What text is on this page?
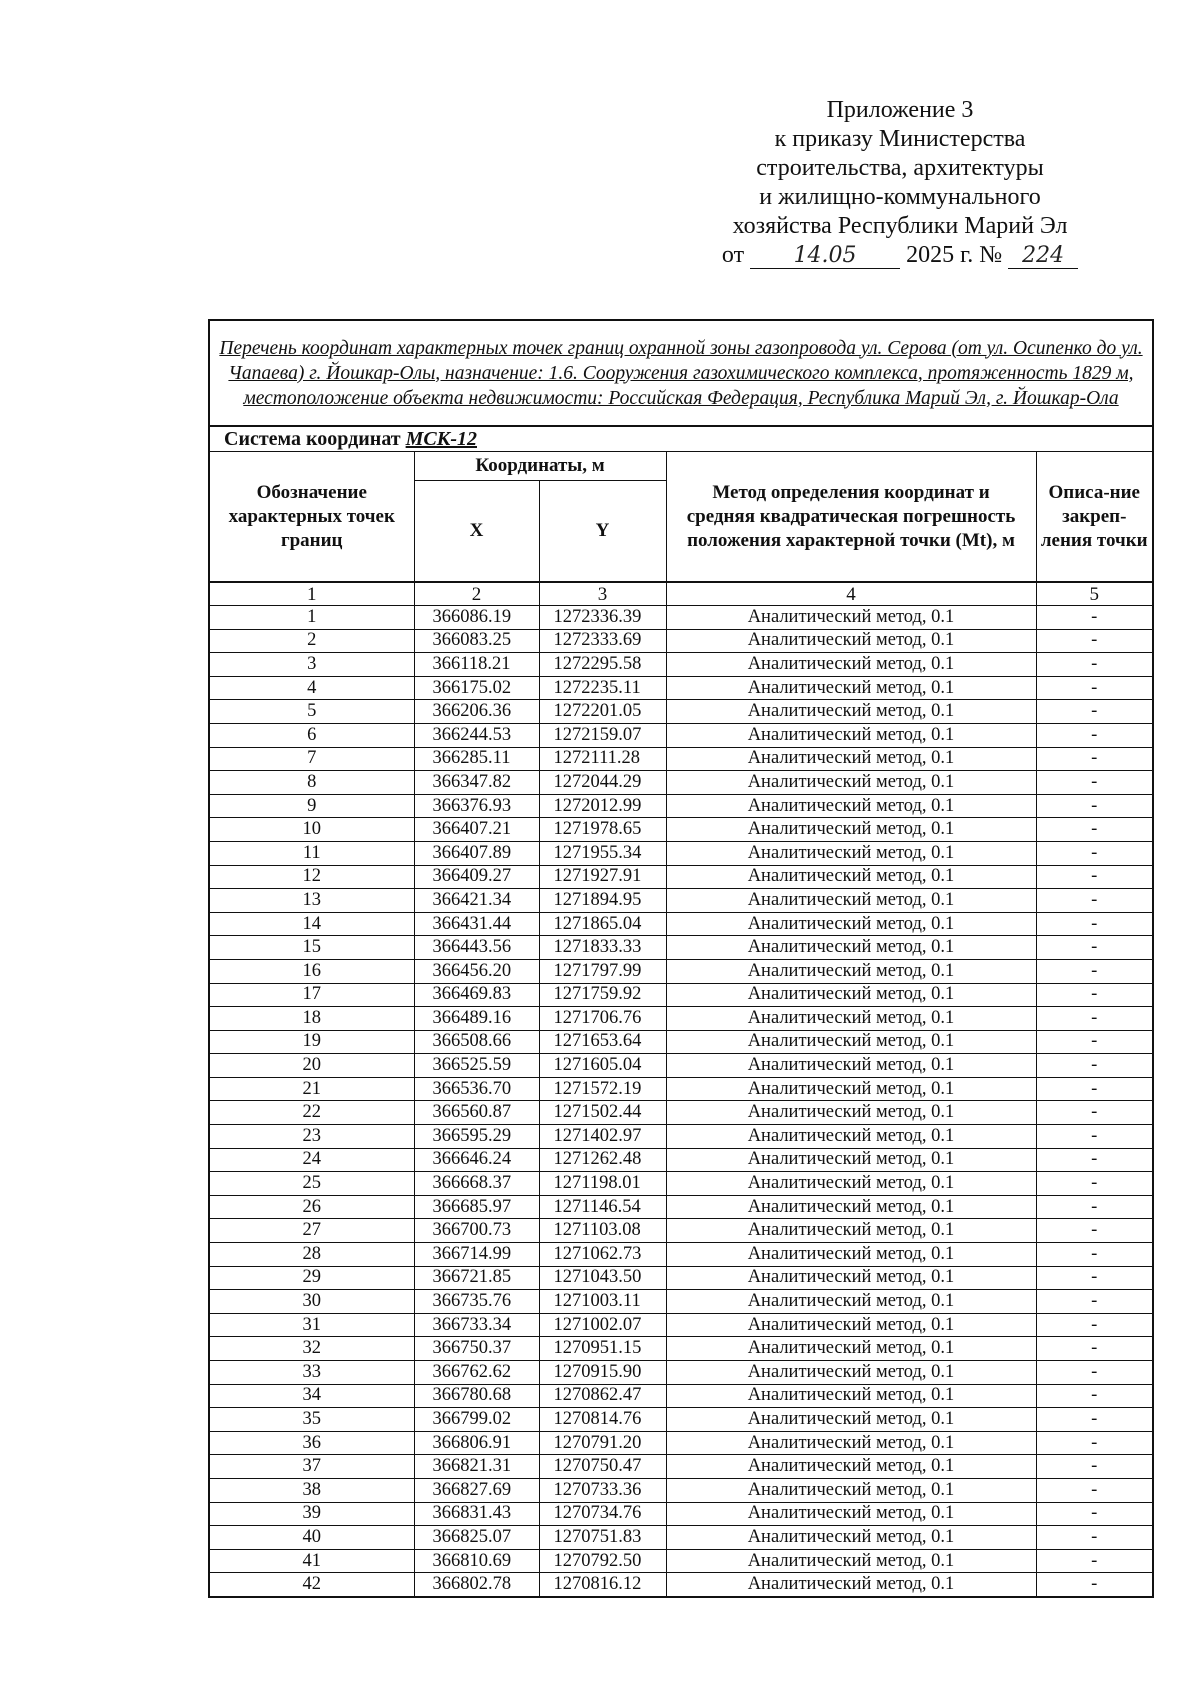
Приложение 3
к приказу Министерства
строительства, архитектуры
и жилищно-коммунального
хозяйства Республики Марий Эл
от 14.05 2025 г. № 224
Перечень координат характерных точек границ охранной зоны газопровода ул. Серова (от ул. Осипенко до ул. Чапаева) г. Йошкар-Олы, назначение: 1.6. Сооружения газохимического комплекса, протяженность 1829 м, местоположение объекта недвижимости: Российская Федерация, Республика Марий Эл, г. Йошкар-Ола				
Система координат МСК-12				
Обозначение характерных точек границ	Координаты, м		Метод определения координат и средняя квадратическая погрешность положения характерной точки (Mt), м	Описа-ние закреп-ления точки
	X	Y		
1	2	3	4	5
1	366086.19	1272336.39	Аналитический метод, 0.1	-
2	366083.25	1272333.69	Аналитический метод, 0.1	-
3	366118.21	1272295.58	Аналитический метод, 0.1	-
4	366175.02	1272235.11	Аналитический метод, 0.1	-
5	366206.36	1272201.05	Аналитический метод, 0.1	-
6	366244.53	1272159.07	Аналитический метод, 0.1	-
7	366285.11	1272111.28	Аналитический метод, 0.1	-
8	366347.82	1272044.29	Аналитический метод, 0.1	-
9	366376.93	1272012.99	Аналитический метод, 0.1	-
10	366407.21	1271978.65	Аналитический метод, 0.1	-
11	366407.89	1271955.34	Аналитический метод, 0.1	-
12	366409.27	1271927.91	Аналитический метод, 0.1	-
13	366421.34	1271894.95	Аналитический метод, 0.1	-
14	366431.44	1271865.04	Аналитический метод, 0.1	-
15	366443.56	1271833.33	Аналитический метод, 0.1	-
16	366456.20	1271797.99	Аналитический метод, 0.1	-
17	366469.83	1271759.92	Аналитический метод, 0.1	-
18	366489.16	1271706.76	Аналитический метод, 0.1	-
19	366508.66	1271653.64	Аналитический метод, 0.1	-
20	366525.59	1271605.04	Аналитический метод, 0.1	-
21	366536.70	1271572.19	Аналитический метод, 0.1	-
22	366560.87	1271502.44	Аналитический метод, 0.1	-
23	366595.29	1271402.97	Аналитический метод, 0.1	-
24	366646.24	1271262.48	Аналитический метод, 0.1	-
25	366668.37	1271198.01	Аналитический метод, 0.1	-
26	366685.97	1271146.54	Аналитический метод, 0.1	-
27	366700.73	1271103.08	Аналитический метод, 0.1	-
28	366714.99	1271062.73	Аналитический метод, 0.1	-
29	366721.85	1271043.50	Аналитический метод, 0.1	-
30	366735.76	1271003.11	Аналитический метод, 0.1	-
31	366733.34	1271002.07	Аналитический метод, 0.1	-
32	366750.37	1270951.15	Аналитический метод, 0.1	-
33	366762.62	1270915.90	Аналитический метод, 0.1	-
34	366780.68	1270862.47	Аналитический метод, 0.1	-
35	366799.02	1270814.76	Аналитический метод, 0.1	-
36	366806.91	1270791.20	Аналитический метод, 0.1	-
37	366821.31	1270750.47	Аналитический метод, 0.1	-
38	366827.69	1270733.36	Аналитический метод, 0.1	-
39	366831.43	1270734.76	Аналитический метод, 0.1	-
40	366825.07	1270751.83	Аналитический метод, 0.1	-
41	366810.69	1270792.50	Аналитический метод, 0.1	-
42	366802.78	1270816.12	Аналитический метод, 0.1	-
